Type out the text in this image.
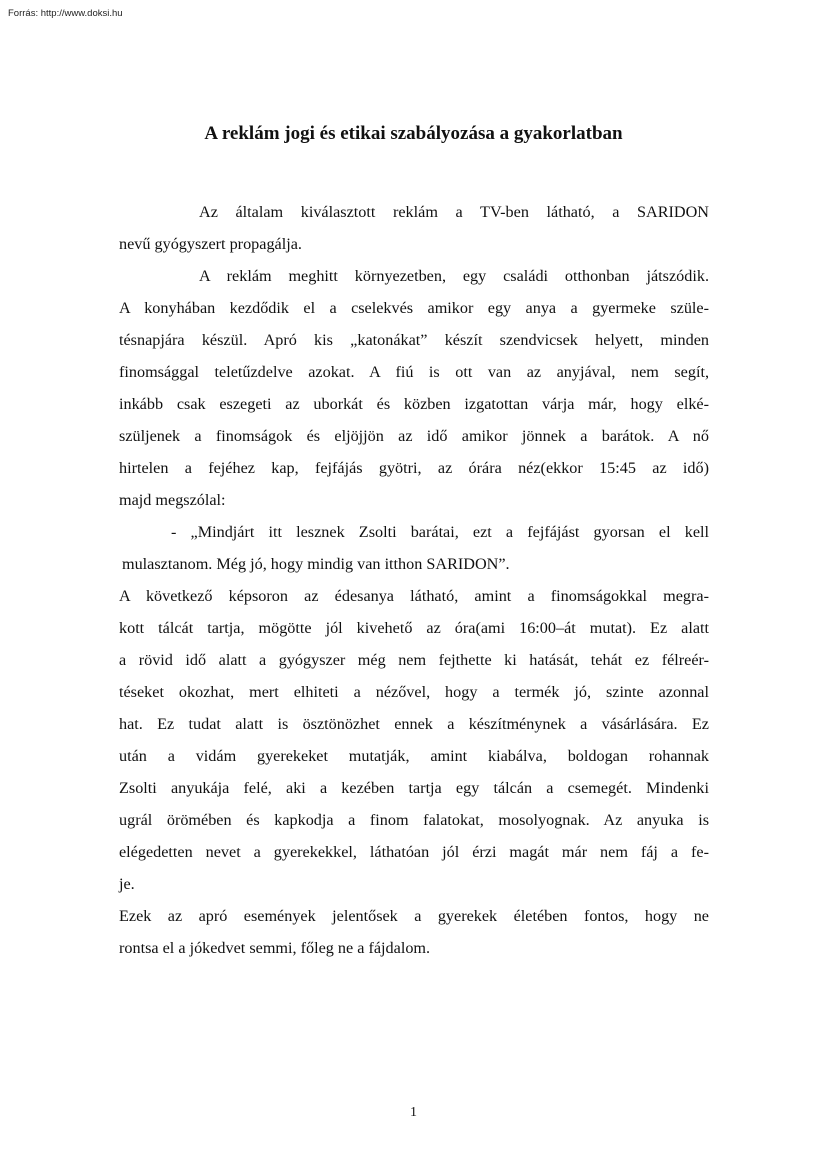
Forrás: http://www.doksi.hu
A reklám jogi és etikai szabályozása a gyakorlatban
Az általam kiválasztott reklám a TV-ben látható, a SARIDON
nevű gyógyszert propagálja.
A reklám meghitt környezetben, egy családi otthonban játszódik.
A konyhában kezdődik el a cselekvés amikor egy anya a gyermeke szüle-
tésnapjára készül. Apró kis „katonákat” készít szendvicsek helyett, minden
finomsággal teletűzdelve azokat. A fiú is ott van az anyjával, nem segít,
inkább csak eszegeti az uborkát és közben izgatottan várja már, hogy elké-
szüljenek a finomságok és eljöjjön az idő amikor jönnek a barátok. A nő
hirtelen a fejéhez kap, fejfájás gyötri, az órára néz(ekkor 15:45 az idő)
majd megszólal:
- „Mindjárt itt lesznek Zsolti barátai, ezt a fejfájást gyorsan el kell
mulasztanom. Még jó, hogy mindig van itthon SARIDON”.
A következő képsoron az édesanya látható, amint a finomságokkal megra-
kott tálcát tartja, mögötte jól kivehető az óra(ami 16:00–át mutat). Ez alatt
a rövid idő alatt a gyógyszer még nem fejthette ki hatását, tehát ez félreér-
téseket okozhat, mert elhiteti a nézővel, hogy a termék jó, szinte azonnal
hat. Ez tudat alatt is ösztönözhet ennek a készítménynek a vásárlására. Ez
után a vidám gyerekeket mutatják, amint kiabálva, boldogan rohannak
Zsolti anyukája felé, aki a kezében tartja egy tálcán a csemegét. Mindenki
ugrál örömében és kapkodja a finom falatokat, mosolyognak. Az anyuka is
elégedetten nevet a gyerekekkel, láthatóan jól érzi magát már nem fáj a fe-
je.
Ezek az apró események jelentősek a gyerekek életében fontos, hogy ne
rontsa el a jókedvet semmi, főleg ne a fájdalom.
1
